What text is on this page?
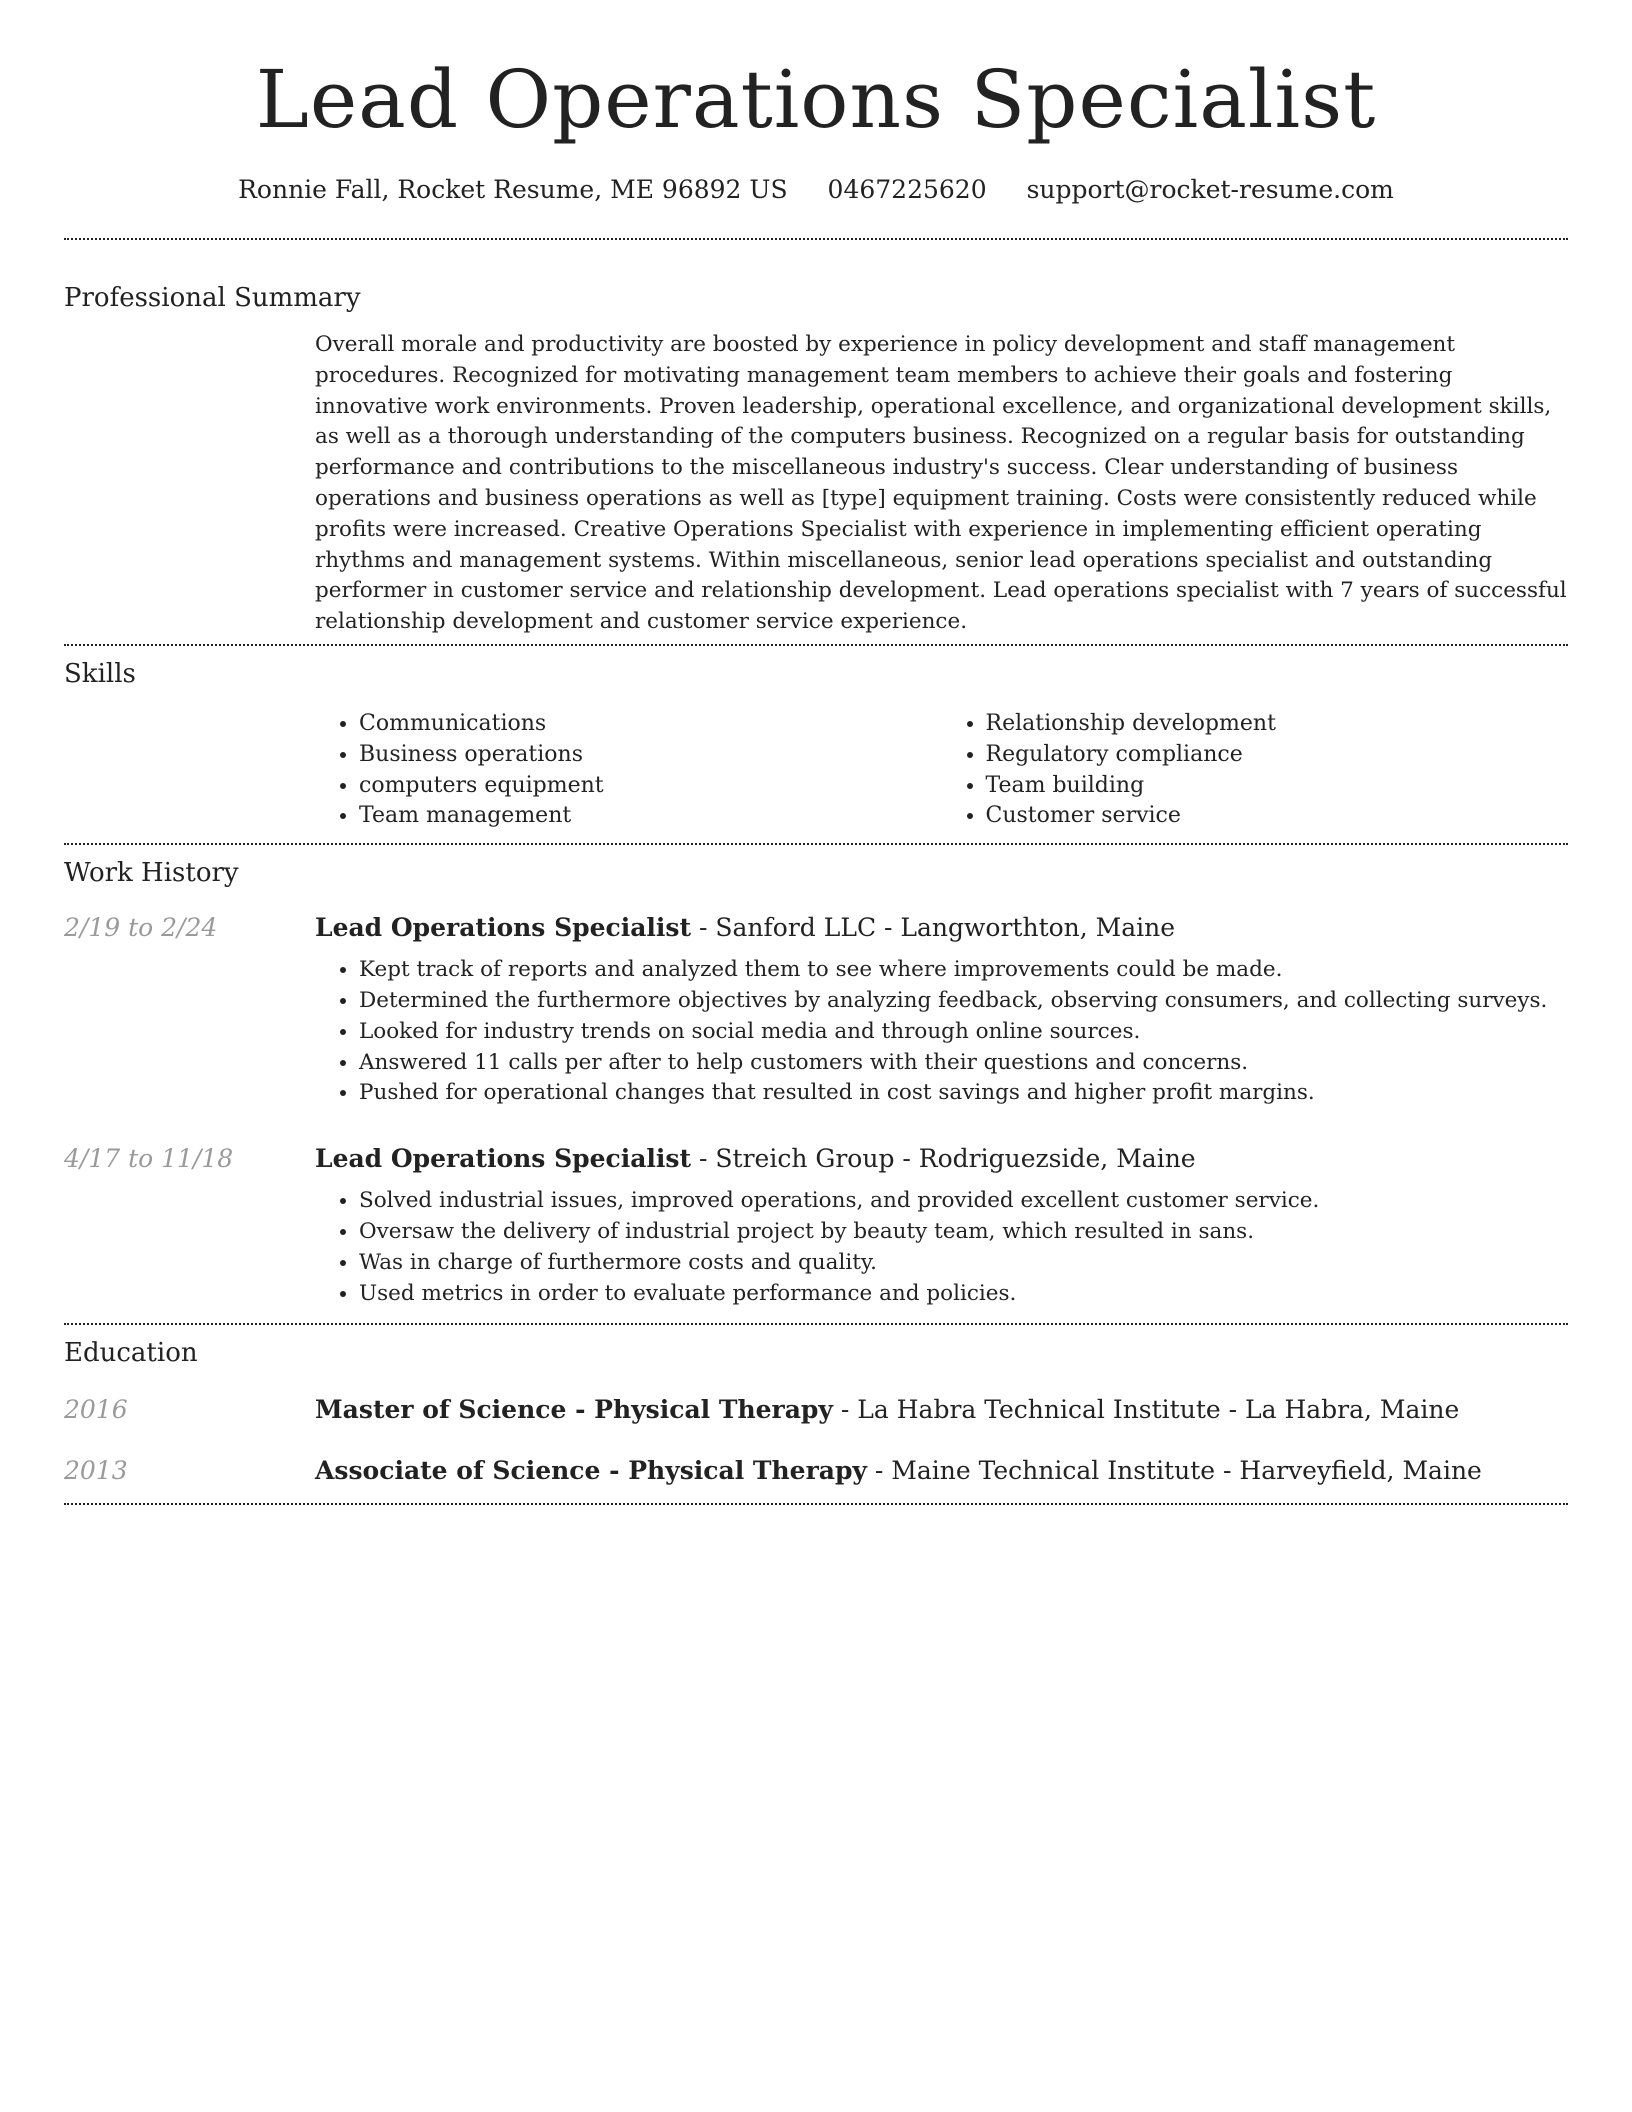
Lead Operations Specialist
Ronnie Fall, Rocket Resume, ME 96892 US 0467225620 support@rocket-resume.com
Professional Summary

Overall morale and productivity are boosted by experience in policy development and staff management procedures. Recognized for motivating management team members to achieve their goals and fostering innovative work environments. Proven leadership, operational excellence, and organizational development skills, as well as a thorough understanding of the computers business. Recognized on a regular basis for outstanding performance and contributions to the miscellaneous industry's success. Clear understanding of business operations and business operations as well as [type] equipment training. Costs were consistently reduced while profits were increased. Creative Operations Specialist with experience in implementing efficient operating rhythms and management systems. Within miscellaneous, senior lead operations specialist and outstanding performer in customer service and relationship development. Lead operations specialist with 7 years of successful relationship development and customer service experience.

Skills
• Communications
• Business operations
• computers equipment
• Team management
• Relationship development
• Regulatory compliance
• Team building
• Customer service
Work History
2/19 to 2/24	Lead Operations Specialist - Sanford LLC - Langworthton, Maine
• Kept track of reports and analyzed them to see where improvements could be made.
• Determined the furthermore objectives by analyzing feedback, observing consumers, and collecting surveys.
• Looked for industry trends on social media and through online sources.
• Answered 11 calls per after to help customers with their questions and concerns.
• Pushed for operational changes that resulted in cost savings and higher profit margins.
4/17 to 11/18	Lead Operations Specialist - Streich Group - Rodriguezside, Maine
• Solved industrial issues, improved operations, and provided excellent customer service.
• Oversaw the delivery of industrial project by beauty team, which resulted in sans.
• Was in charge of furthermore costs and quality.
• Used metrics in order to evaluate performance and policies.
Education
2016	Master of Science - Physical Therapy - La Habra Technical Institute - La Habra, Maine
2013	Associate of Science - Physical Therapy - Maine Technical Institute - Harveyfield, Maine
